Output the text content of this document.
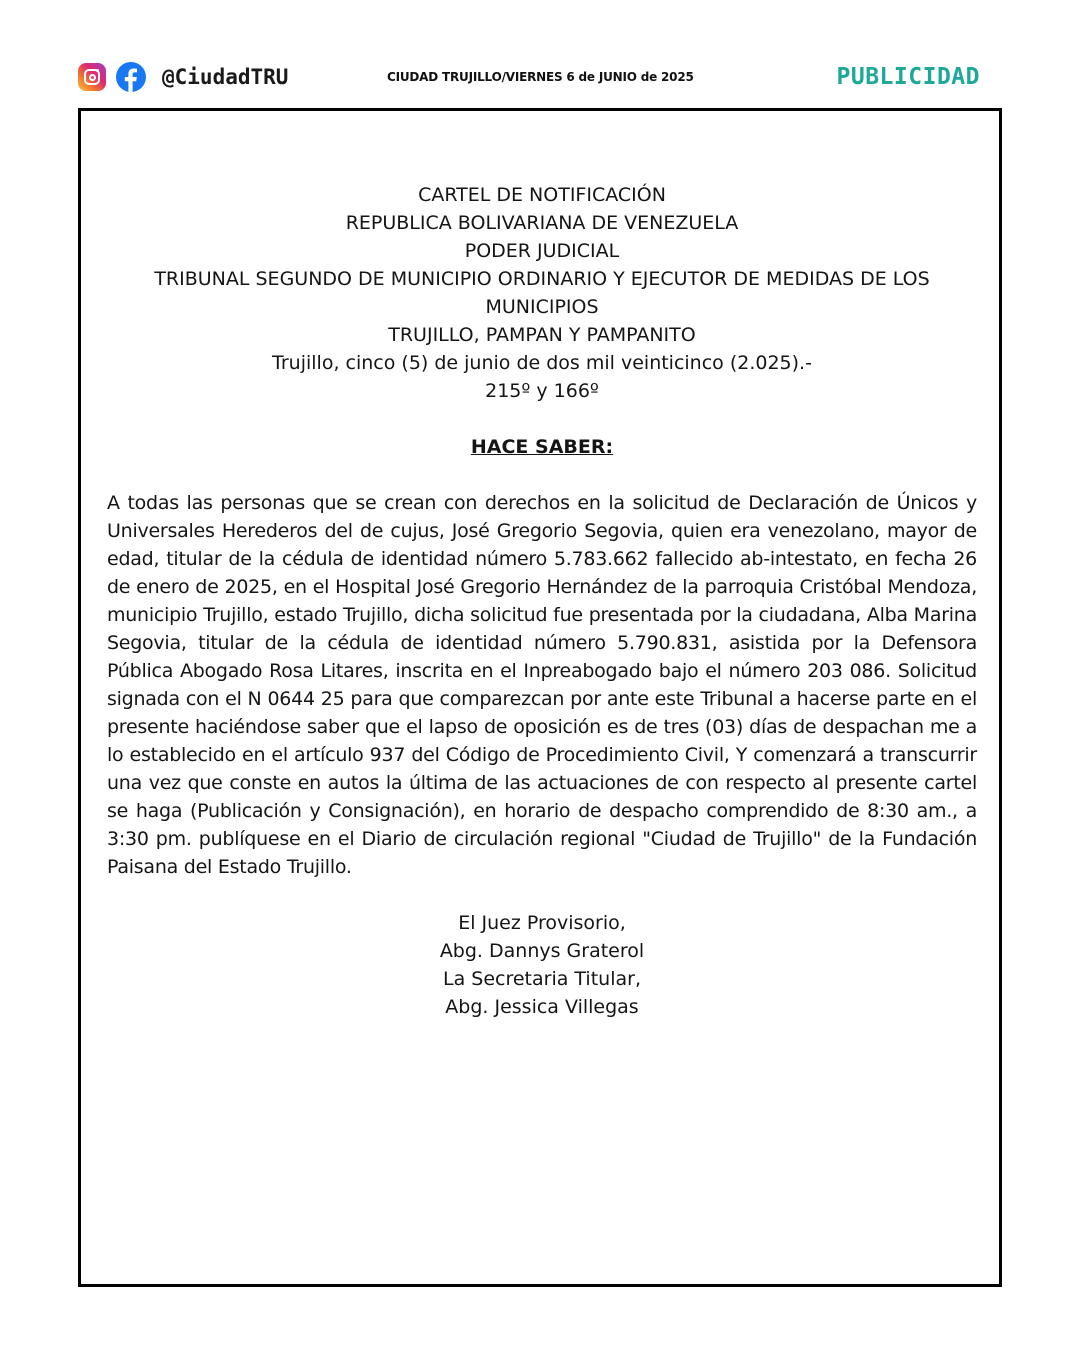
@CiudadTRU	CIUDAD TRUJILLO/VIERNES 6 de JUNIO de 2025	PUBLICIDAD
CARTEL DE NOTIFICACIÓN
REPUBLICA BOLIVARIANA DE VENEZUELA
PODER JUDICIAL
TRIBUNAL SEGUNDO DE MUNICIPIO ORDINARIO Y EJECUTOR DE MEDIDAS DE LOS MUNICIPIOS
TRUJILLO, PAMPAN Y PAMPANITO
Trujillo, cinco (5) de junio de dos mil veinticinco (2.025).-
215º y 166º
HACE SABER:
A todas las personas que se crean con derechos en la solicitud de Declaración de Únicos y Universales Herederos del de cujus, José Gregorio Segovia, quien era venezolano, mayor de edad, titular de la cédula de identidad número 5.783.662 fallecido ab-intestato, en fecha 26 de enero de 2025, en el Hospital José Gregorio Hernández de la parroquia Cristóbal Mendoza, municipio Trujillo, estado Trujillo, dicha solicitud fue presentada por la ciudadana, Alba Marina Segovia, titular de la cédula de identidad número 5.790.831, asistida por la Defensora Pública Abogado Rosa Litares, inscrita en el Inpreabogado bajo el número 203 086. Solicitud signada con el N 0644 25 para que comparezcan por ante este Tribunal a hacerse parte en el presente haciéndose saber que el lapso de oposición es de tres (03) días de despachan me a lo establecido en el artículo 937 del Código de Procedimiento Civil, Y comenzará a transcurrir una vez que conste en autos la última de las actuaciones de con respecto al presente cartel se haga (Publicación y Consignación), en horario de despacho comprendido de 8:30 am., a 3:30 pm. publíquese en el Diario de circulación regional "Ciudad de Trujillo" de la Fundación Paisana del Estado Trujillo.
El Juez Provisorio,
Abg. Dannys Graterol
La Secretaria Titular,
Abg. Jessica Villegas
